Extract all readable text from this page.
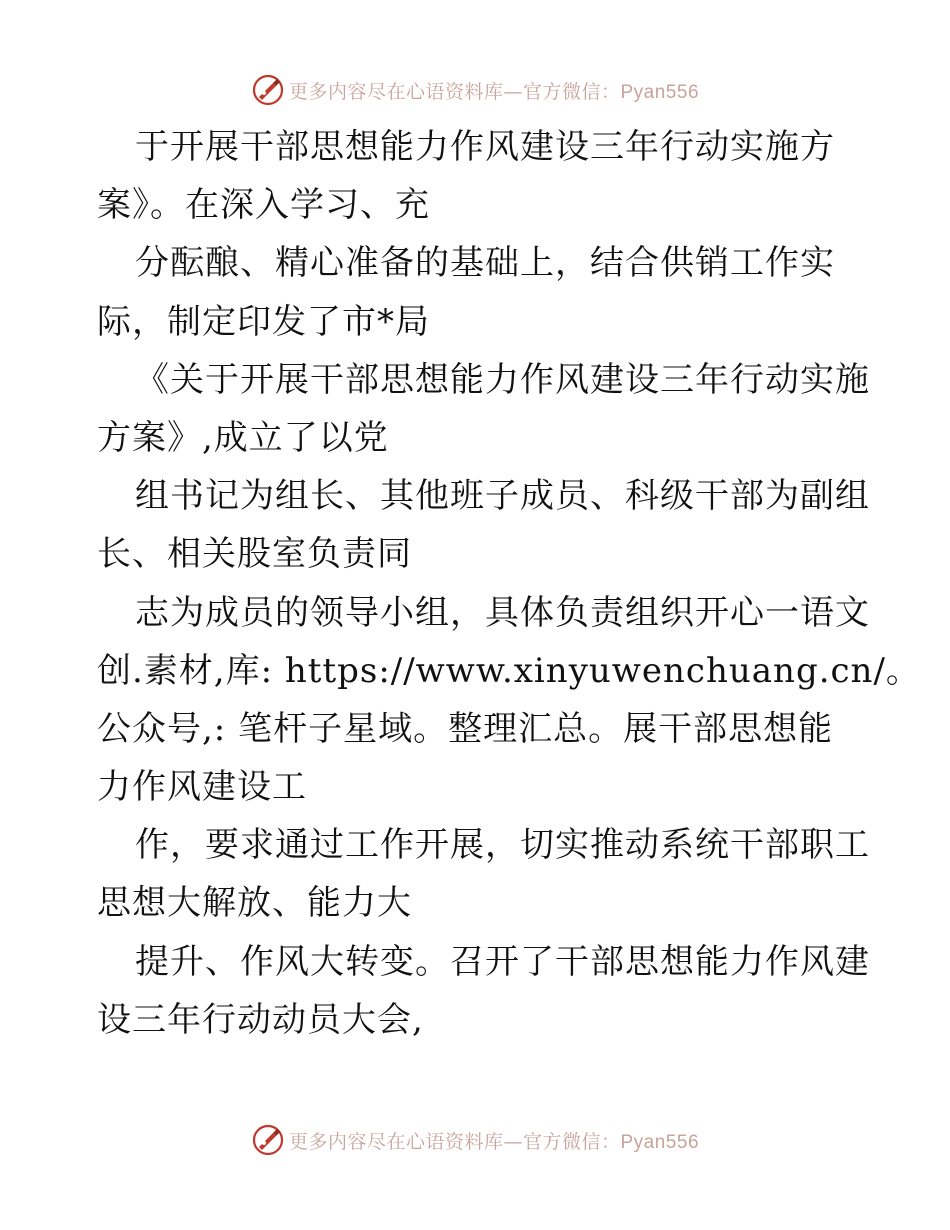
更多内容尽在心语资料库—官方微信：Pyan556
于开展干部思想能力作风建设三年行动实施方
案》。在深入学习、充
分酝酿、精心准备的基础上，结合供销工作实
际，制定印发了市*局
《关于开展干部思想能力作风建设三年行动实施
方案》,成立了以党
组书记为组长、其他班子成员、科级干部为副组
长、相关股室负责同
志为成员的领导小组，具体负责组织开心一语文
创.素材,库: https://www.xinyuwenchuang.cn/。
公众号,: 笔杆子星域。整理汇总。展干部思想能
力作风建设工
作，要求通过工作开展，切实推动系统干部职工
思想大解放、能力大
提升、作风大转变。召开了干部思想能力作风建
设三年行动动员大会,
更多内容尽在心语资料库—官方微信：Pyan556
